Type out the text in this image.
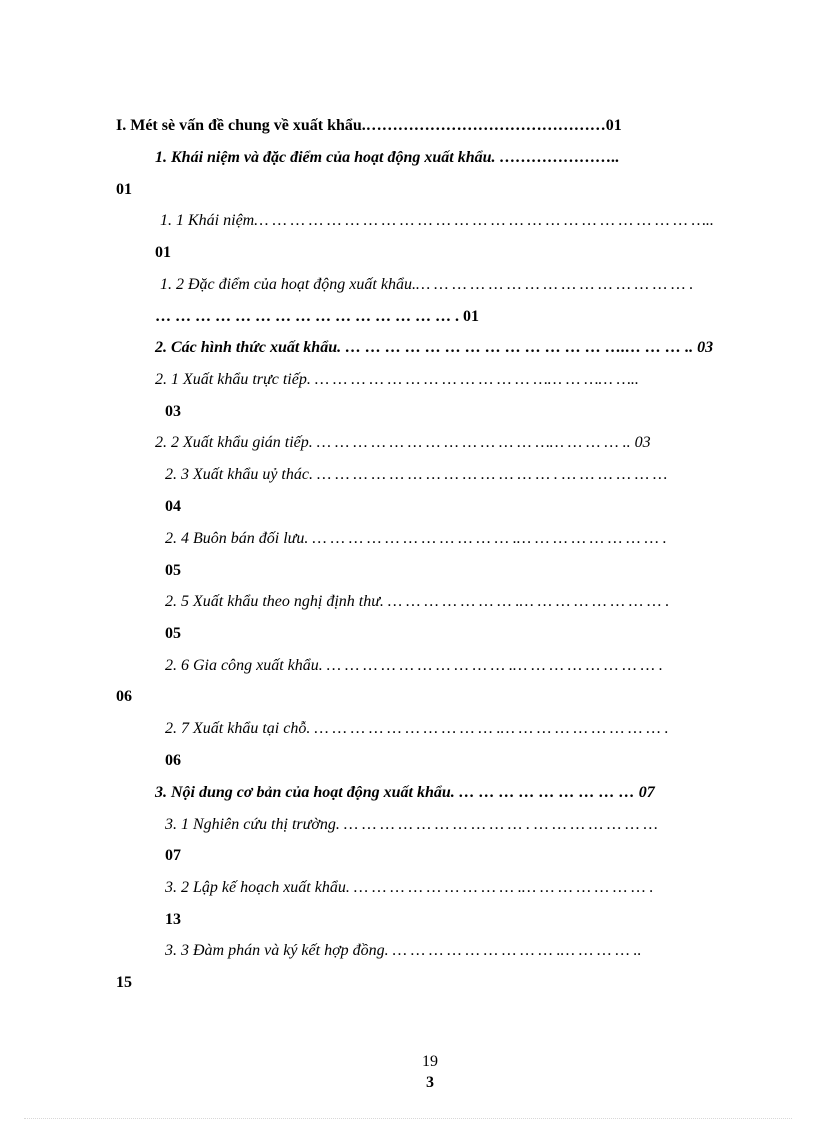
I. Mét sè vấn đề chung về xuất khẩu.………………………………………01
1. Khái niệm và đặc điểm của hoạt động xuất khẩu. …………………..
01
1. 1 Khái niệm… … … … … … … … … … … … … … … … … … … … … … … … …..
01
1. 2 Đặc điểm của hoạt động xuất khẩu.… … … … … … … … … … … … … … … .
… … … … … … … … … … … … … … … . 01
2. Các hình thức xuất khẩu. … … … … … … … … … … … … … ….… … … .. 03
2. 1 Xuất khẩu trực tiếp. … … … … … … … … … … … … …… … …… …..
03
2. 2 Xuất khẩu gián tiếp. … … … … … … … … … … … … …… … … … .. 03
2. 3 Xuất khẩu uỷ thác. … … … … … … … … … … … … … . … … … … … …
04
2. 4 Buôn bán đối lưu. … … … … … … … … … … … .… … … … … … … … .
05
2. 5 Xuất khẩu theo nghị định thư. … … … … … … … .… … … … … … … … .
05
2. 6 Gia công xuất khẩu. … … … … … … … … … … .… … … … … … … … .
06
2. 7 Xuất khẩu tại chỗ. … … … … … … … … … … .… … … … … … … … … .
06
3. Nội dung cơ bản của hoạt động xuất khẩu. … … … … … … … … … 07
3. 1 Nghiên cứu thị trường. … … … … … … … … … … . … … … … … … …
07
3. 2 Lập kế hoạch xuất khẩu. … … … … … … … … … .… … … … … … … .
13
3. 3 Đàm phán và ký kết hợp đồng. … … … … … … … … … .… … … … ..
15
19
3
